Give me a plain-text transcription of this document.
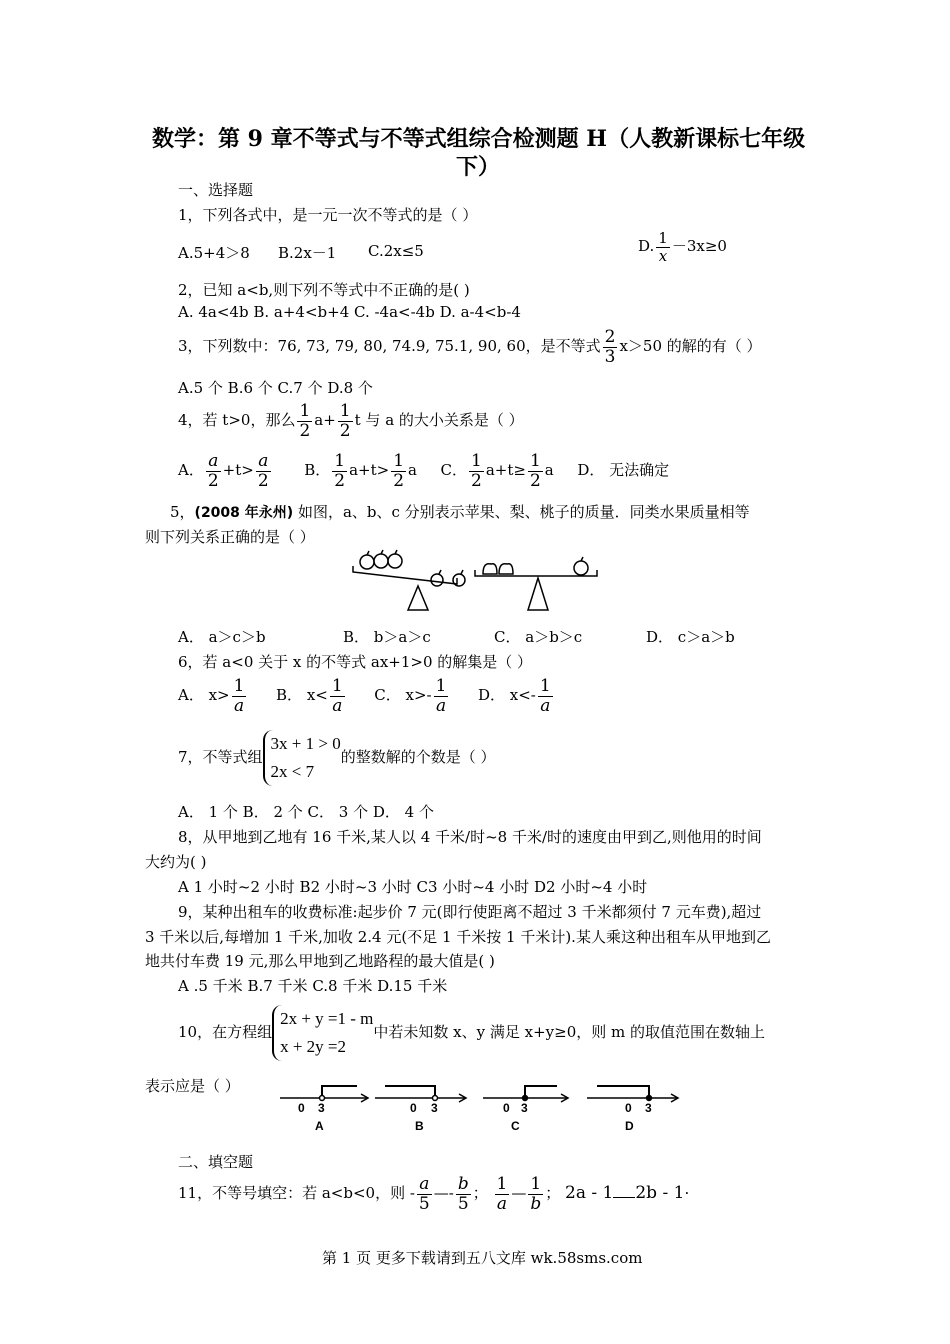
数学：第 9 章不等式与不等式组综合检测题 H（人教新课标七年级
下）
一、选择题
1，下列各式中，是一元一次不等式的是（ ）
A.5+4＞8 B.2x－1 C.2x≤5	D. $\frac{1}{x} -3x\ge 0$
2，已知 a<b,则下列不等式中不正确的是( )
A. 4a<4b B. a+4<b+4 C. -4a<-4b D. a-4<b-4
3，下列数中：76, 73, 79, 80, 74.9, 75.1, 90, 60，是不等式 $\frac{2}{3} x>50$ 的解的有（ ）
A.5 个 B.6 个 C.7 个 D.8 个
4，若 t>0，那么 $\frac{1}{2} a+ \frac{1}{2}$ t 与 a 的大小关系是（ ）
A． $\frac{a}{2} +t> \frac{a}{2}$ B． $\frac{1}{2} a+t> \frac{1}{2}$ a C． $\frac{1}{2} a+t\ge \frac{1}{2}$ a D． 无法确定
5，(2008 年永州) 如图，a、b、c 分别表示苹果、梨、桃子的质量．同类水果质量相等
则下列关系正确的是（ ）
A． a＞c＞b	B． b＞a＞c	C． a＞b＞c	D． c＞a＞b
6，若 a<0 关于 x 的不等式 ax+1>0 的解集是（ ）
A． $x> \frac{1}{a}$ B． $x< \frac{1}{a}$ C． $x>- \frac{1}{a}$ D． $x<- \frac{1}{a}$
7，不等式组
3x + 1 > 0
2x < 7
的整数解的个数是（ ）
A． 1 个 B． 2 个 C． 3 个 D． 4 个
8，从甲地到乙地有 16 千米,某人以 4 千米/时~8 千米/时的速度由甲到乙,则他用的时间
大约为( )
A 1 小时~2 小时 B2 小时~3 小时 C3 小时~4 小时 D2 小时~4 小时
9，某种出租车的收费标准:起步价 7 元(即行使距离不超过 3 千米都须付 7 元车费),超过
3 千米以后,每增加 1 千米,加收 2.4 元(不足 1 千米按 1 千米计).某人乘这种出租车从甲地到乙
地共付车费 19 元,那么甲地到乙地路程的最大值是( )
A .5 千米 B.7 千米 C.8 千米 D.15 千米
10，在方程组
2x + y =1 - m
x + 2y =2
中若未知数 x、y 满足 x+y≥0，则 m 的取值范围在数轴上
表示应是（ ）
0 3
A
0 3
B
0 3
C
0 3
D
二、填空题
11，不等号填空：若 a<b<0，则 - $\frac{a}{5}$ —- $\frac{b}{5}$ ； $\frac{1}{a}$ — $\frac{1}{b}$ ； 2a - 1 2b - 1·
第 1 页 更多下载请到五八文库 wk.58sms.com
